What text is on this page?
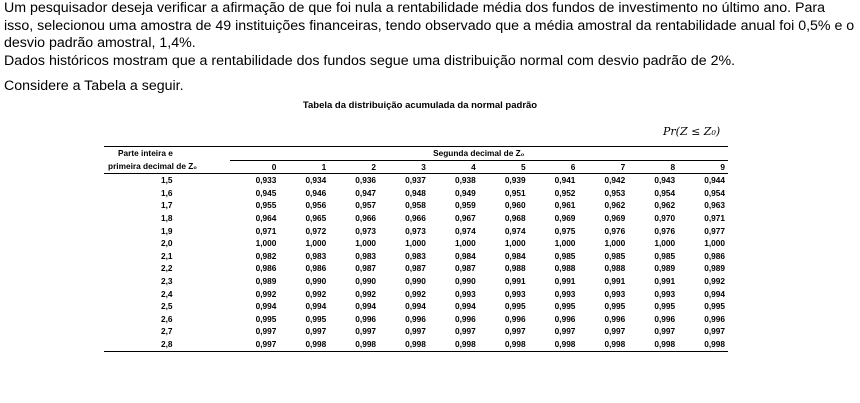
Um pesquisador deseja verificar a afirmação de que foi nula a rentabilidade média dos fundos de investimento no último ano. Para isso, selecionou uma amostra de 49 instituições financeiras, tendo observado que a média amostral da rentabilidade anual foi 0,5% e o desvio padrão amostral, 1,4%.

Dados históricos mostram que a rentabilidade dos fundos segue uma distribuição normal com desvio padrão de 2%.

Considere a Tabela a seguir.
Tabela da distribuição acumulada da normal padrão
Pr(Z ≤ Z₀)
Parte inteira e	Segunda decimal de Z₀									
primeira decimal de Z₀	0	1	2	3	4	5	6	7	8	9
1,5	0,933	0,934	0,936	0,937	0,938	0,939	0,941	0,942	0,943	0,944
1,6	0,945	0,946	0,947	0,948	0,949	0,951	0,952	0,953	0,954	0,954
1,7	0,955	0,956	0,957	0,958	0,959	0,960	0,961	0,962	0,962	0,963
1,8	0,964	0,965	0,966	0,966	0,967	0,968	0,969	0,969	0,970	0,971
1,9	0,971	0,972	0,973	0,973	0,974	0,974	0,975	0,976	0,976	0,977
2,0	1,000	1,000	1,000	1,000	1,000	1,000	1,000	1,000	1,000	1,000
2,1	0,982	0,983	0,983	0,983	0,984	0,984	0,985	0,985	0,985	0,986
2,2	0,986	0,986	0,987	0,987	0,987	0,988	0,988	0,988	0,989	0,989
2,3	0,989	0,990	0,990	0,990	0,990	0,991	0,991	0,991	0,991	0,992
2,4	0,992	0,992	0,992	0,992	0,993	0,993	0,993	0,993	0,993	0,994
2,5	0,994	0,994	0,994	0,994	0,994	0,995	0,995	0,995	0,995	0,995
2,6	0,995	0,995	0,996	0,996	0,996	0,996	0,996	0,996	0,996	0,996
2,7	0,997	0,997	0,997	0,997	0,997	0,997	0,997	0,997	0,997	0,997
2,8	0,997	0,998	0,998	0,998	0,998	0,998	0,998	0,998	0,998	0,998
